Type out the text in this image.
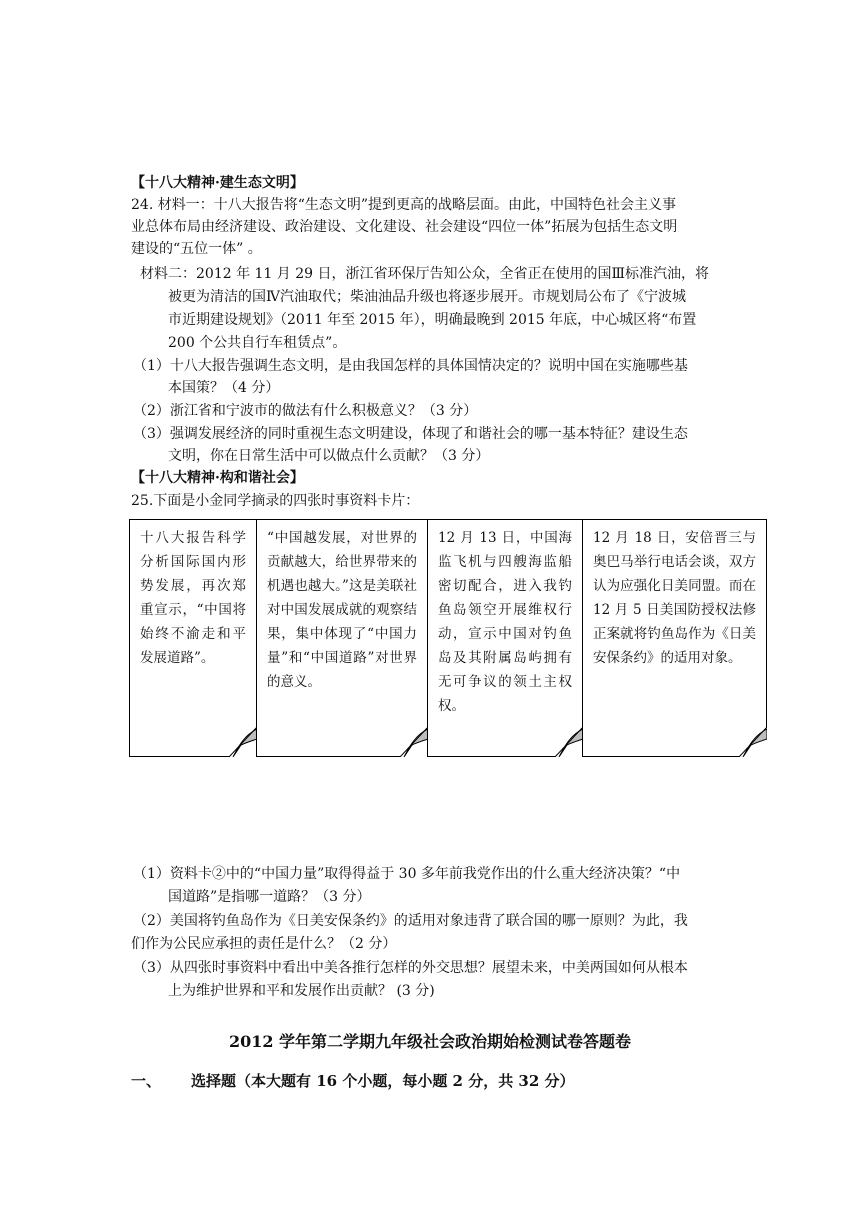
【十八大精神·建生态文明】
24. 材料一：十八大报告将“生态文明”提到更高的战略层面。由此，中国特色社会主义事
业总体布局由经济建设、政治建设、文化建设、社会建设“四位一体”拓展为包括生态文明
建设的“五位一体” 。
材料二：2012 年 11 月 29 日，浙江省环保厅告知公众，全省正在使用的国Ⅲ标准汽油，将
被更为清洁的国Ⅳ汽油取代；柴油油品升级也将逐步展开。市规划局公布了《宁波城
市近期建设规划》（2011 年至 2015 年），明确最晚到 2015 年底，中心城区将“布置
200 个公共自行车租赁点”。
（1）十八大报告强调生态文明，是由我国怎样的具体国情决定的？说明中国在实施哪些基
本国策？（4 分）
（2）浙江省和宁波市的做法有什么积极意义？（3 分）
（3）强调发展经济的同时重视生态文明建设，体现了和谐社会的哪一基本特征？建设生态
文明，你在日常生活中可以做点什么贡献？（3 分）
【十八大精神·构和谐社会】
25.下面是小金同学摘录的四张时事资料卡片：
十八大报告科学分析国际国内形势发展，再次郑重宣示，“中国将始终不渝走和平发展道路”。
“中国越发展，对世界的贡献越大，给世界带来的机遇也越大。”这是美联社对中国发展成就的观察结果，集中体现了“中国力量”和“中国道路”对世界的意义。
12 月 13 日，中国海监飞机与四艘海监船密切配合，进入我钓鱼岛领空开展维权行动，宣示中国对钓鱼岛及其附属岛屿拥有无可争议的领土主权权。
12 月 18 日，安倍晋三与奥巴马举行电话会谈，双方认为应强化日美同盟。而在 12 月 5 日美国防授权法修正案就将钓鱼岛作为《日美安保条约》的适用对象。
（1）资料卡②中的“中国力量”取得得益于 30 多年前我党作出的什么重大经济决策？“中
国道路”是指哪一道路？（3 分）
（2）美国将钓鱼岛作为《日美安保条约》的适用对象违背了联合国的哪一原则？为此，我
们作为公民应承担的责任是什么？（2 分）
（3）从四张时事资料中看出中美各推行怎样的外交思想？展望未来，中美两国如何从根本
上为维护世界和平和发展作出贡献？ (3 分)
2012 学年第二学期九年级社会政治期始检测试卷答题卷
一、 选择题（本大题有 16 个小题，每小题 2 分，共 32 分）
